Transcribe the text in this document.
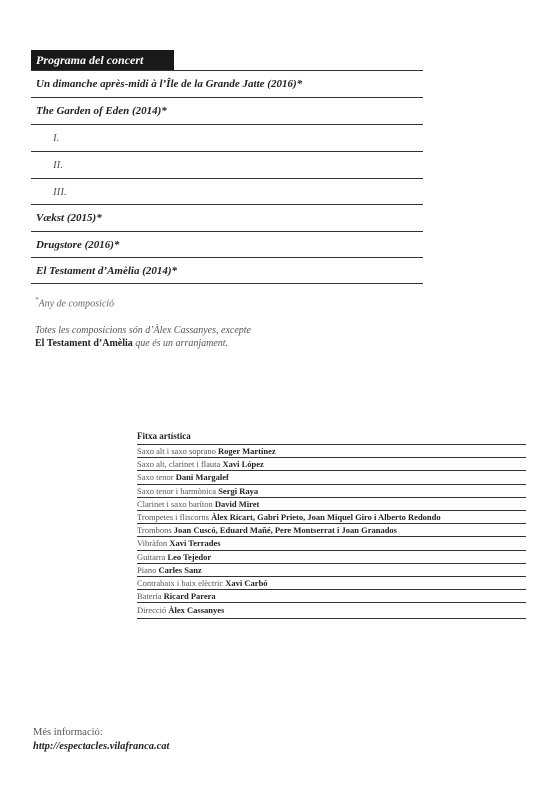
Programa del concert
Un dimanche après-midi à l’Île de la Grande Jatte (2016)*
The Garden of Eden (2014)*
I.
II.
III.
Vækst (2015)*
Drugstore (2016)*
El Testament d’Amèlia (2014)*
*Any de composició
Totes les composicions són d’Àlex Cassanyes, excepte
El Testament d’Amèlia que és un arranjament.
Fitxa artística
Saxo alt i saxo soprano Roger Martínez
Saxo alt, clarinet i flauta Xavi López
Saxo tenor Dani Margalef
Saxo tenor i harmònica Sergi Raya
Clarinet i saxo baríton David Miret
Trompetes i fliscorns Àlex Ricart, Gabri Prieto, Joan Miquel Giro i Alberto Redondo
Trombons Joan Cuscó, Eduard Mañé, Pere Montserrat i Joan Granados
Vibràfon Xavi Terrades
Guitarra Leo Tejedor
Piano Carles Sanz
Contrabaix i baix elèctric Xavi Carbó
Bateria Ricard Parera
Direcció Àlex Cassanyes
Més informació:
http://espectacles.vilafranca.cat
